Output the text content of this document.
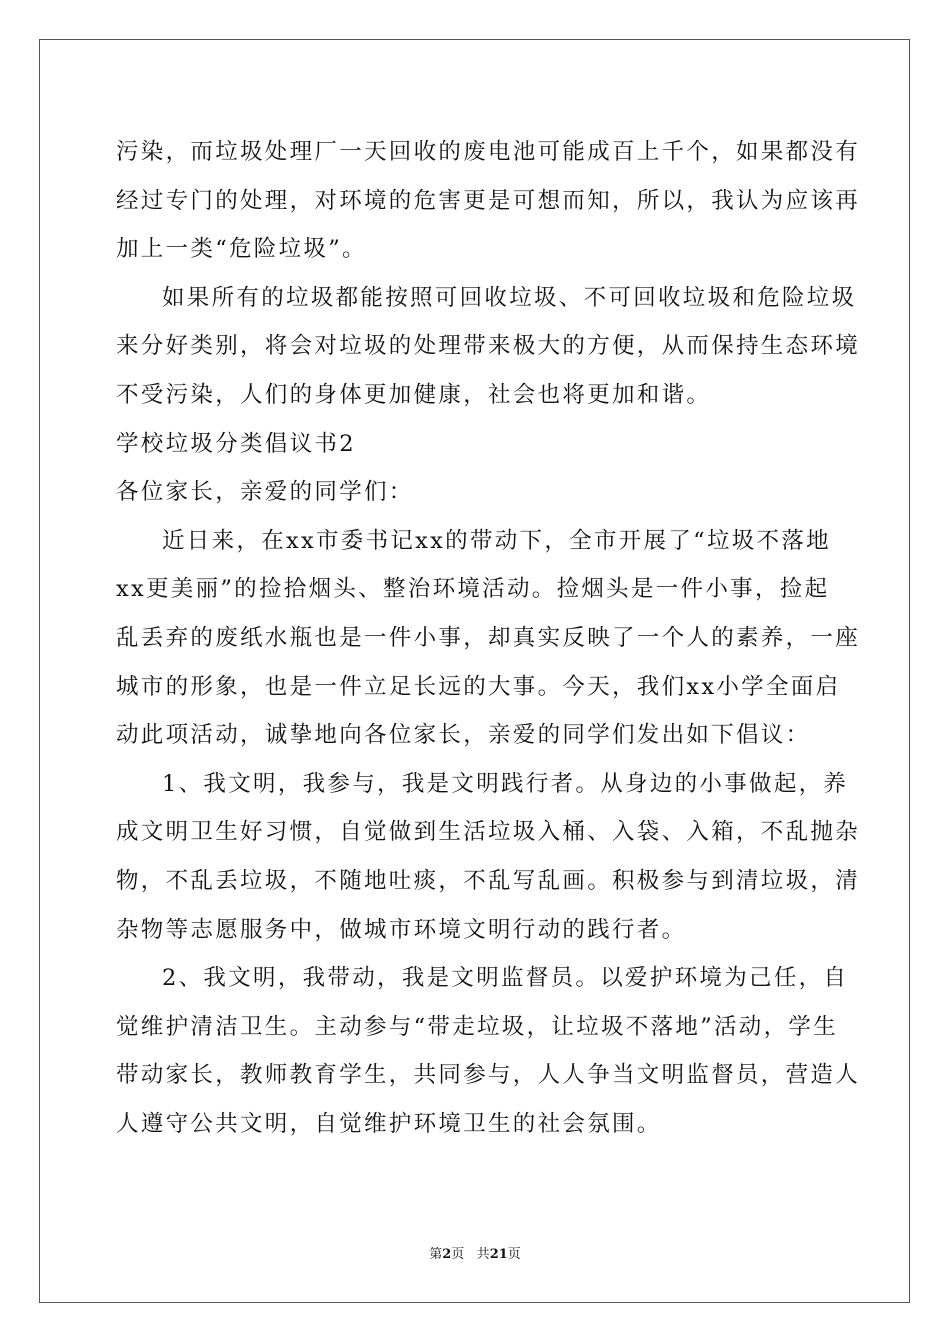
污染，而垃圾处理厂一天回收的废电池可能成百上千个，如果都没有
经过专门的处理，对环境的危害更是可想而知，所以，我认为应该再
加上一类“危险垃圾”。
如果所有的垃圾都能按照可回收垃圾、不可回收垃圾和危险垃圾
来分好类别，将会对垃圾的处理带来极大的方便，从而保持生态环境
不受污染，人们的身体更加健康，社会也将更加和谐。
学校垃圾分类倡议书2
各位家长，亲爱的同学们：
近日来，在xx市委书记xx的带动下，全市开展了“垃圾不落地
xx更美丽”的捡拾烟头、整治环境活动。捡烟头是一件小事，捡起
乱丢弃的废纸水瓶也是一件小事，却真实反映了一个人的素养，一座
城市的形象，也是一件立足长远的大事。今天，我们xx小学全面启
动此项活动，诚挚地向各位家长，亲爱的同学们发出如下倡议：
1、我文明，我参与，我是文明践行者。从身边的小事做起，养
成文明卫生好习惯，自觉做到生活垃圾入桶、入袋、入箱，不乱抛杂
物，不乱丢垃圾，不随地吐痰，不乱写乱画。积极参与到清垃圾，清
杂物等志愿服务中，做城市环境文明行动的践行者。
2、我文明，我带动，我是文明监督员。以爱护环境为己任，自
觉维护清洁卫生。主动参与“带走垃圾，让垃圾不落地”活动，学生
带动家长，教师教育学生，共同参与，人人争当文明监督员，营造人
人遵守公共文明，自觉维护环境卫生的社会氛围。
第2页 共21页
